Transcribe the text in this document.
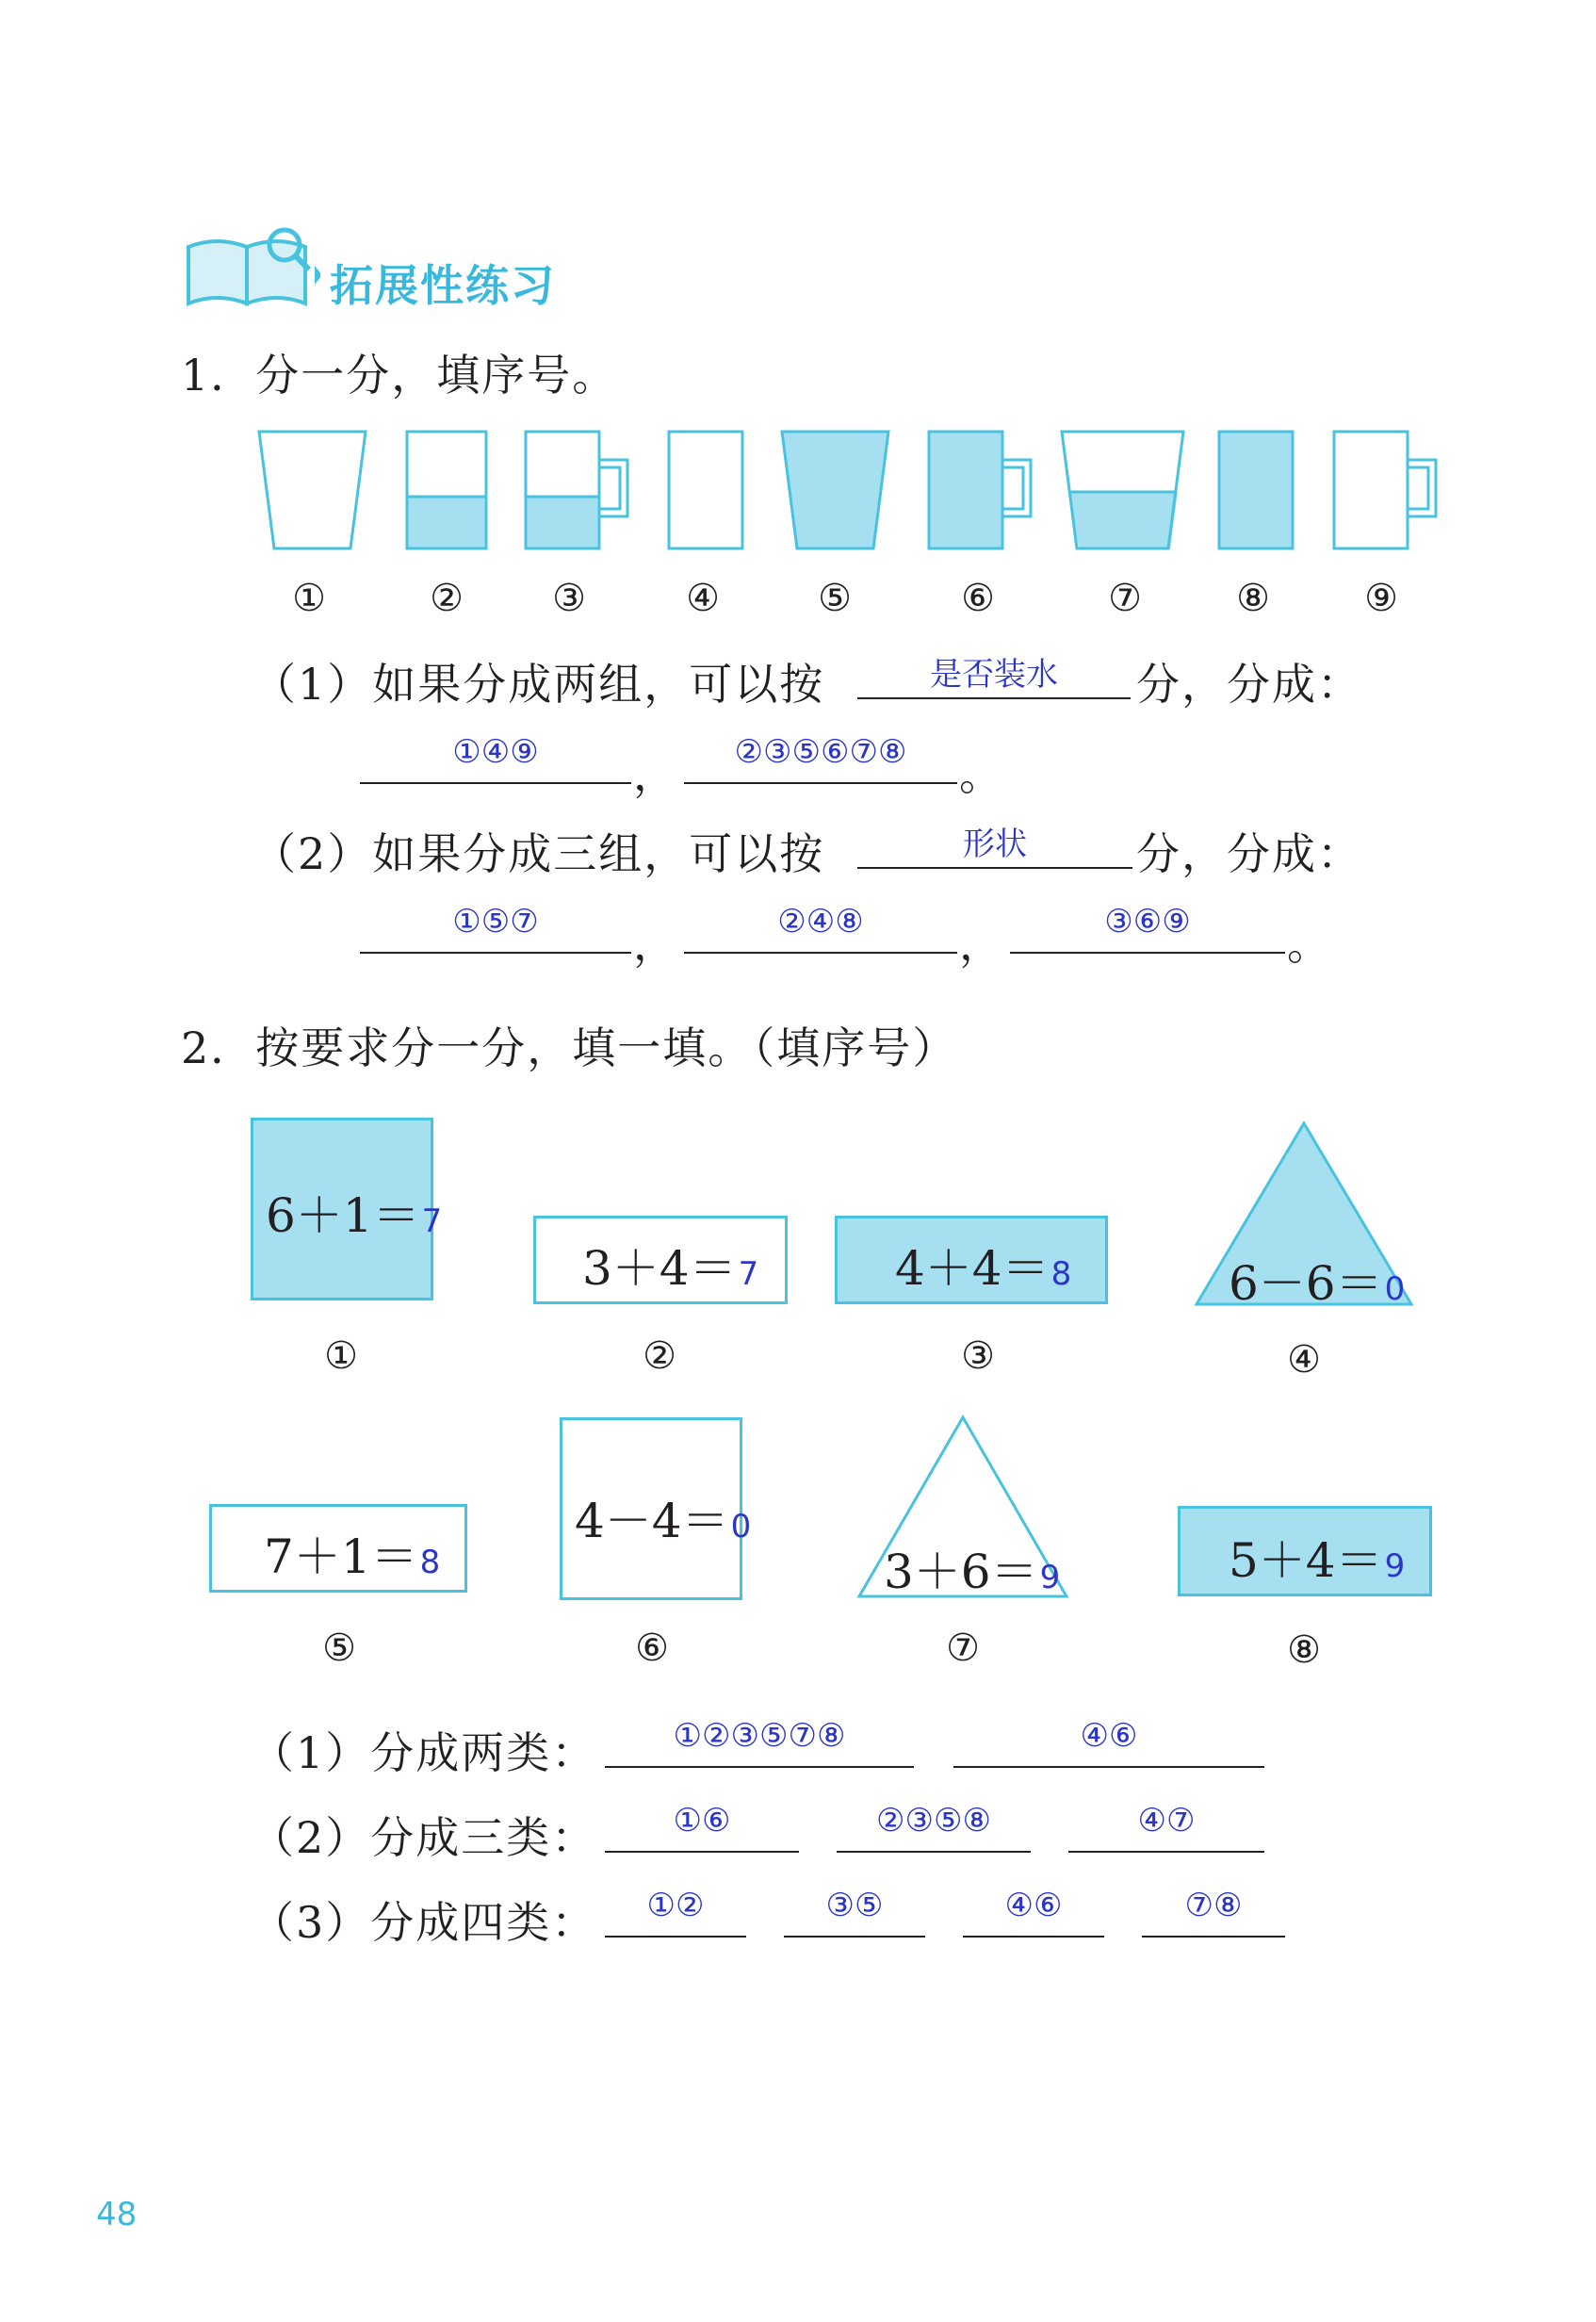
拓展性练习
1．分一分，填序号。
①	②	③	④	⑤	⑥	⑦	⑧	⑨
（1）如果分成两组，可以按	是否装水	分，分成：
①④⑨	，	②③⑤⑥⑦⑧	。
（2）如果分成三组，可以按	形状	分，分成：
①⑤⑦	，	②④⑧	，	③⑥⑨	。
2．按要求分一分，填一填。（填序号）
6＋1＝7
3＋4＝7	4＋4＝8	6－6＝0
①	②	③	④
7＋1＝8
4－4＝0
3＋6＝9	5＋4＝9
⑤	⑥	⑦	⑧
（1）分成两类：	①②③⑤⑦⑧	④⑥
（2）分成三类：	①⑥	②③⑤⑧	④⑦
（3）分成四类：	①②	③⑤	④⑥	⑦⑧
48
